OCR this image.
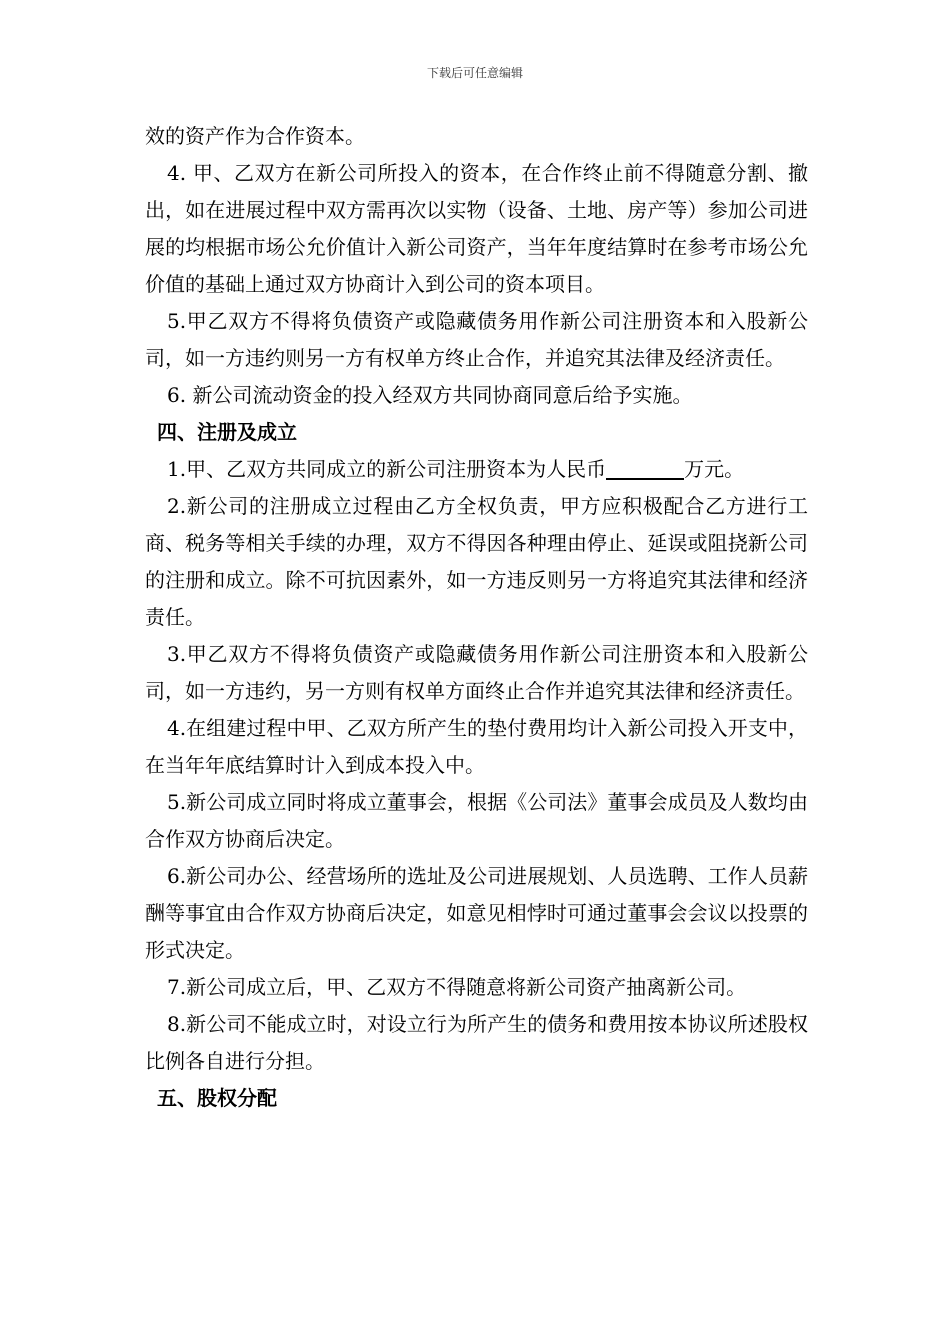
下载后可任意编辑

效的资产作为合作资本。

4. 甲、乙双方在新公司所投入的资本，在合作终止前不得随意分割、撤出，如在进展过程中双方需再次以实物（设备、土地、房产等）参加公司进展的均根据市场公允价值计入新公司资产，当年年度结算时在参考市场公允价值的基础上通过双方协商计入到公司的资本项目。

5.甲乙双方不得将负债资产或隐藏债务用作新公司注册资本和入股新公司，如一方违约则另一方有权单方终止合作，并追究其法律及经济责任。

6. 新公司流动资金的投入经双方共同协商同意后给予实施。

四、注册及成立

1.甲、乙双方共同成立的新公司注册资本为人民币	万元。

2.新公司的注册成立过程由乙方全权负责，甲方应积极配合乙方进行工商、税务等相关手续的办理，双方不得因各种理由停止、延误或阻挠新公司的注册和成立。除不可抗因素外，如一方违反则另一方将追究其法律和经济责任。

3.甲乙双方不得将负债资产或隐藏债务用作新公司注册资本和入股新公司，如一方违约，另一方则有权单方面终止合作并追究其法律和经济责任。

4.在组建过程中甲、乙双方所产生的垫付费用均计入新公司投入开支中，在当年年底结算时计入到成本投入中。

5.新公司成立同时将成立董事会，根据《公司法》董事会成员及人数均由合作双方协商后决定。

6.新公司办公、经营场所的选址及公司进展规划、人员选聘、工作人员薪酬等事宜由合作双方协商后决定，如意见相悖时可通过董事会会议以投票的形式决定。

7.新公司成立后，甲、乙双方不得随意将新公司资产抽离新公司。

8.新公司不能成立时，对设立行为所产生的债务和费用按本协议所述股权比例各自进行分担。

五、股权分配
